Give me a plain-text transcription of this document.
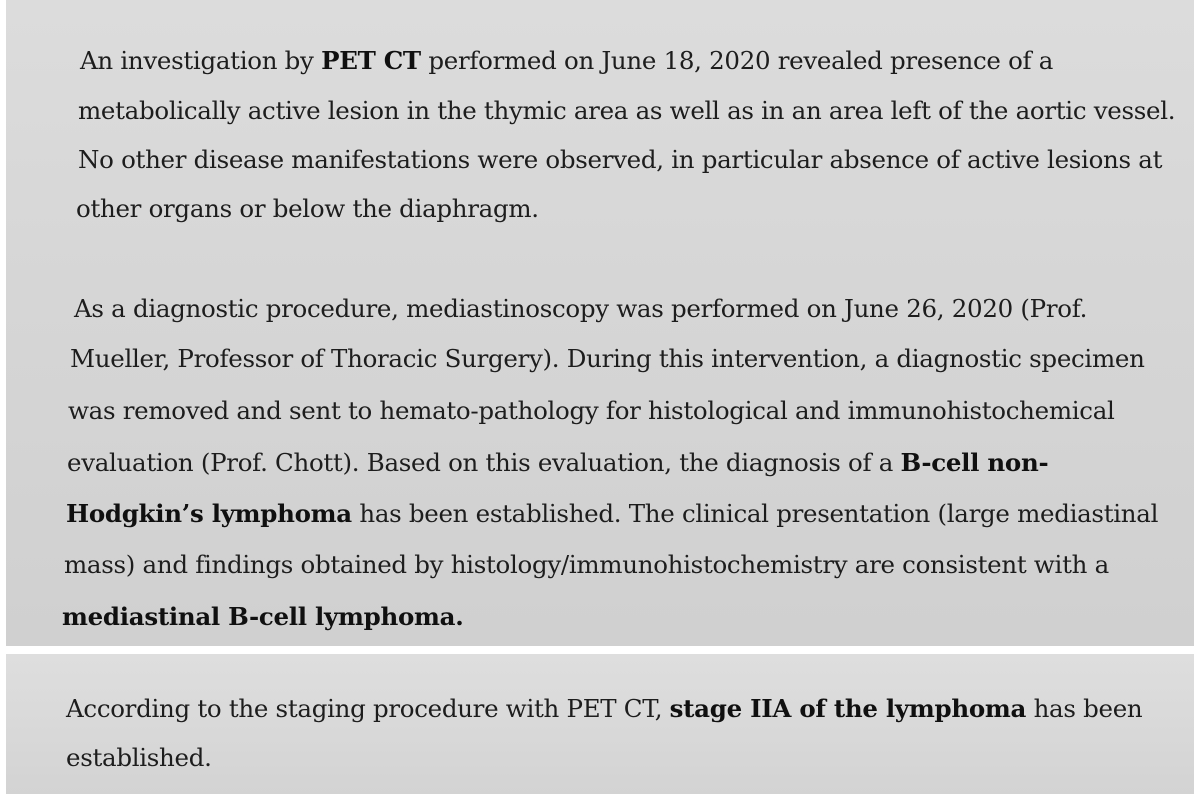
An investigation by PET CT performed on June 18, 2020 revealed presence of a

metabolically active lesion in the thymic area as well as in an area left of the aortic vessel.

No other disease manifestations were observed, in particular absence of active lesions at

other organs or below the diaphragm.

As a diagnostic procedure, mediastinoscopy was performed on June 26, 2020 (Prof.

Mueller, Professor of Thoracic Surgery). During this intervention, a diagnostic specimen

was removed and sent to hemato-pathology for histological and immunohistochemical

evaluation (Prof. Chott). Based on this evaluation, the diagnosis of a B-cell non-

Hodgkin’s lymphoma has been established. The clinical presentation (large mediastinal

mass) and findings obtained by histology/immunohistochemistry are consistent with a

mediastinal B-cell lymphoma.

According to the staging procedure with PET CT, stage IIA of the lymphoma has been

established.
